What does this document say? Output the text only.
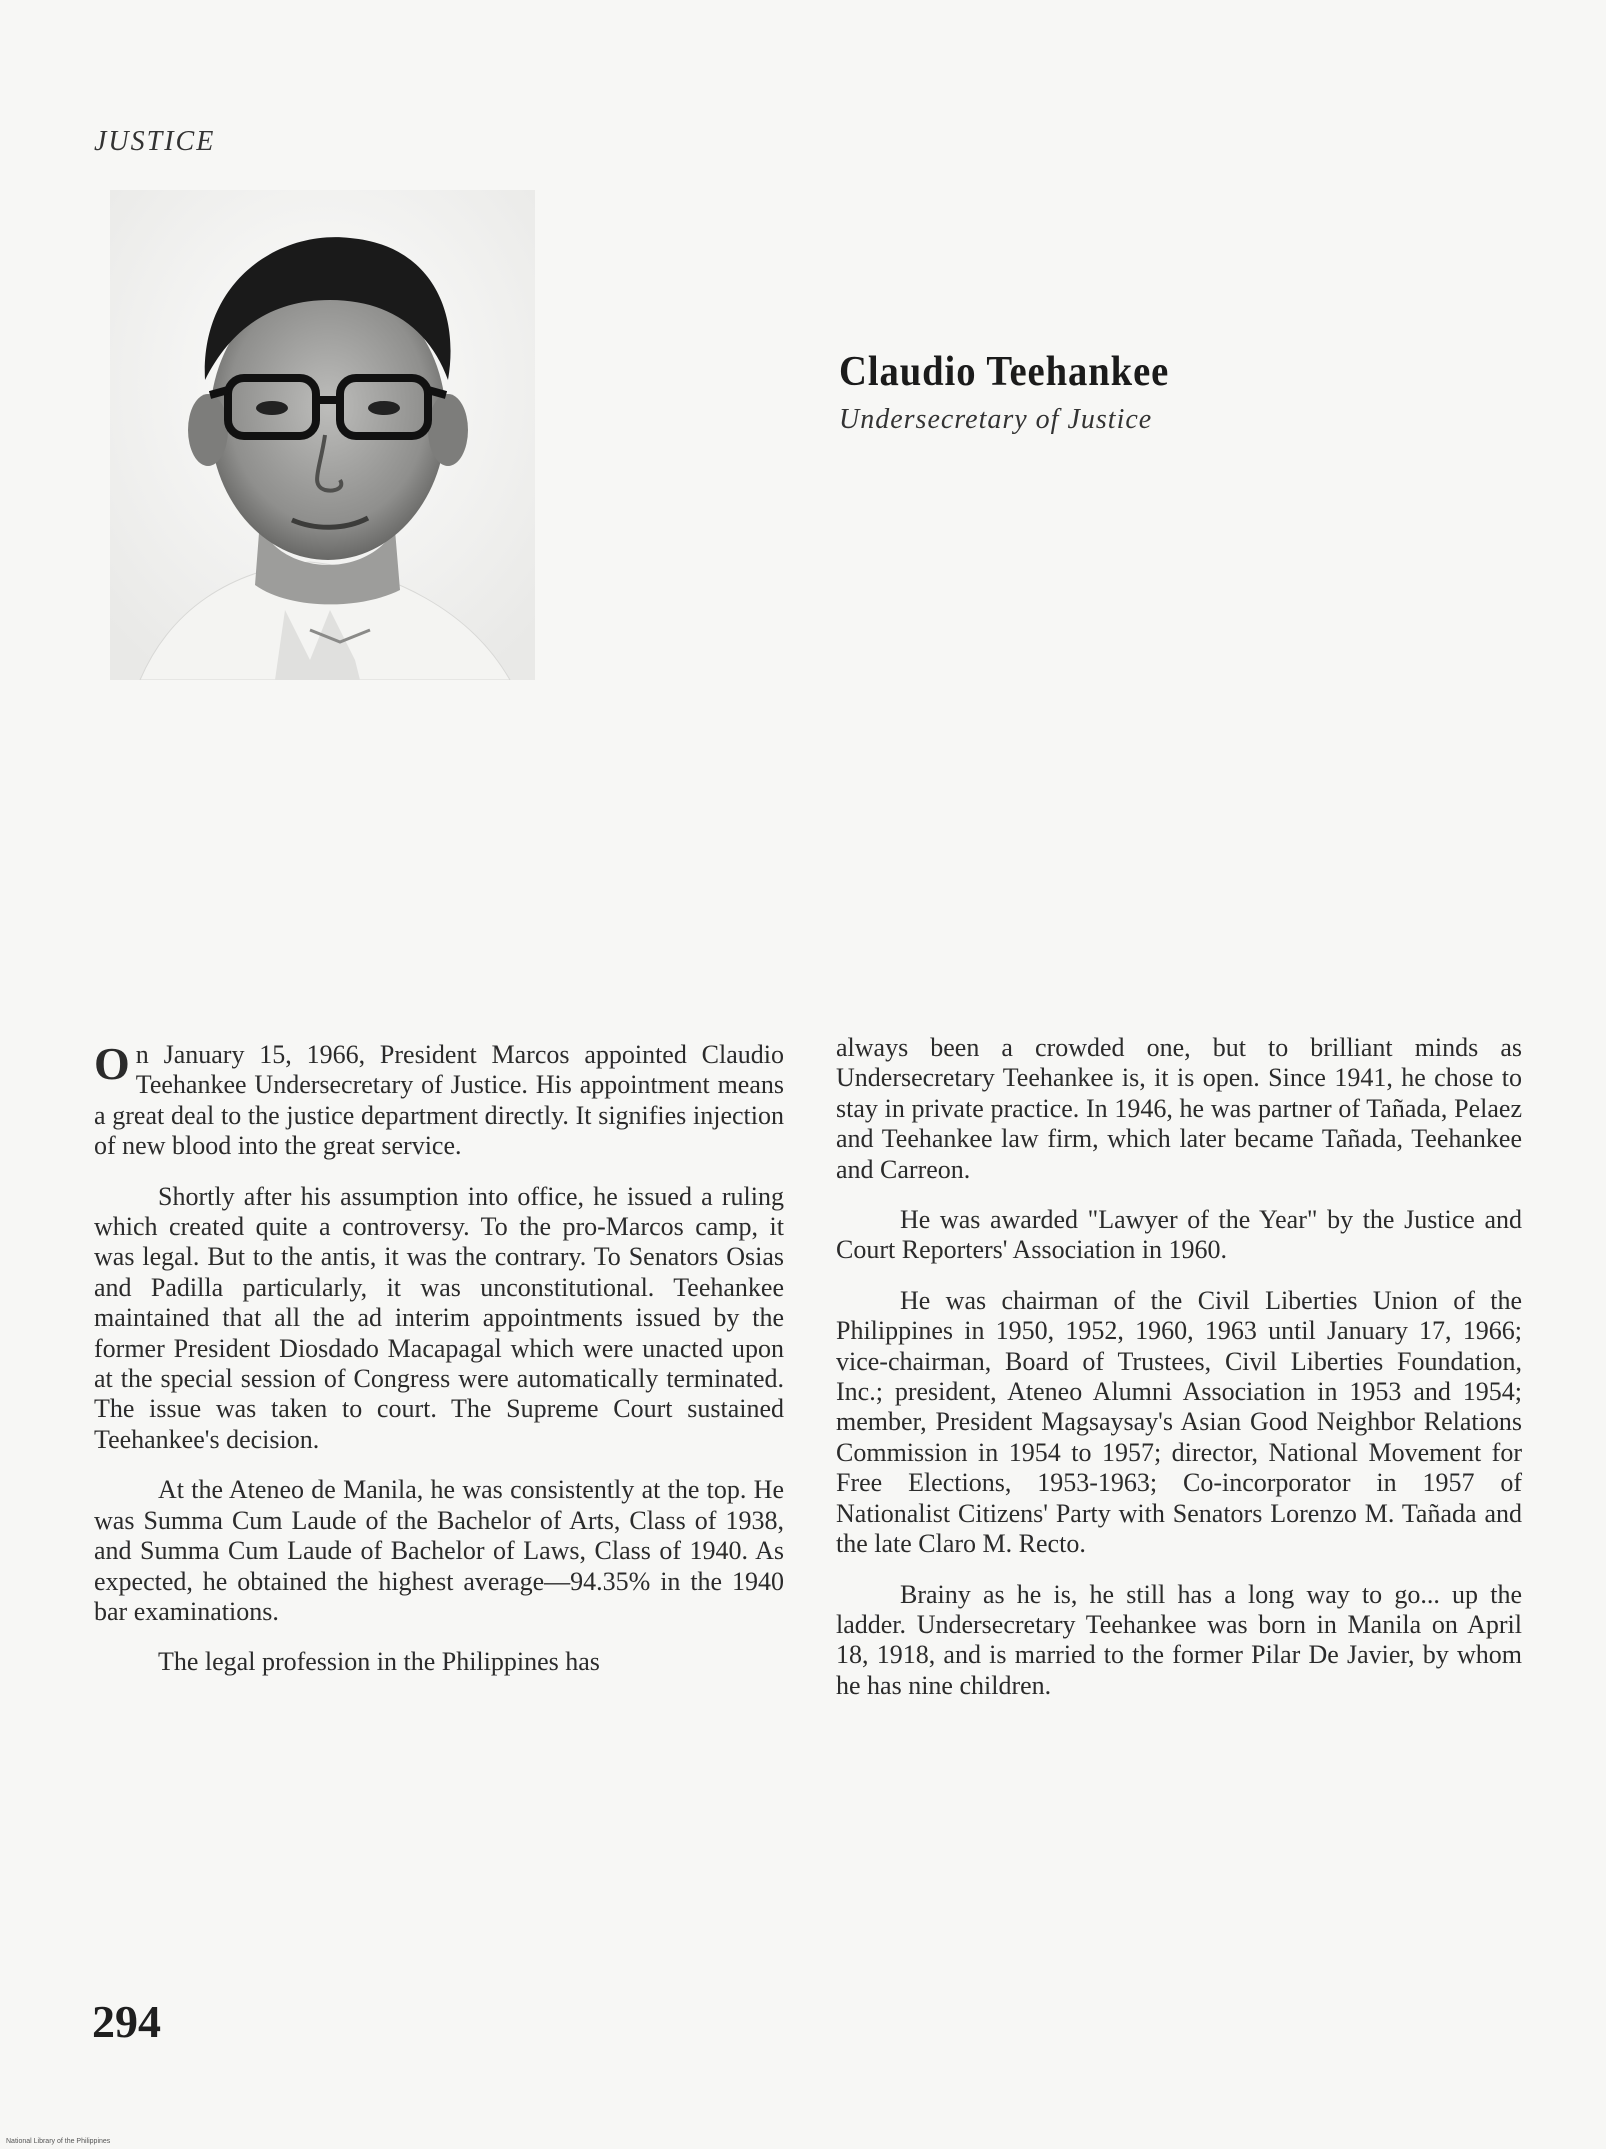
JUSTICE
Claudio Teehankee
Undersecretary of Justice

O n January 15, 1966, President Marcos appointed Claudio Teehankee Undersecretary of Justice. His appointment means a great deal to the justice department directly. It signifies injection of new blood into the great service.

Shortly after his assumption into office, he issued a ruling which created quite a controversy. To the pro-Marcos camp, it was legal. But to the antis, it was the contrary. To Senators Osias and Padilla particularly, it was unconstitutional. Teehankee maintained that all the ad interim appointments issued by the former President Diosdado Macapagal which were unacted upon at the special session of Congress were automatically terminated. The issue was taken to court. The Supreme Court sustained Teehankee's decision.

At the Ateneo de Manila, he was consistently at the top. He was Summa Cum Laude of the Bachelor of Arts, Class of 1938, and Summa Cum Laude of Bachelor of Laws, Class of 1940. As expected, he obtained the highest average—94.35% in the 1940 bar examinations.

The legal profession in the Philippines has

always been a crowded one, but to brilliant minds as Undersecretary Teehankee is, it is open. Since 1941, he chose to stay in private practice. In 1946, he was partner of Tañada, Pelaez and Teehankee law firm, which later became Tañada, Teehankee and Carreon.

He was awarded "Lawyer of the Year" by the Justice and Court Reporters' Association in 1960.

He was chairman of the Civil Liberties Union of the Philippines in 1950, 1952, 1960, 1963 until January 17, 1966; vice-chairman, Board of Trustees, Civil Liberties Foundation, Inc.; president, Ateneo Alumni Association in 1953 and 1954; member, President Magsaysay's Asian Good Neighbor Relations Commission in 1954 to 1957; director, National Movement for Free Elections, 1953-1963; Co-incorporator in 1957 of Nationalist Citizens' Party with Senators Lorenzo M. Tañada and the late Claro M. Recto.

Brainy as he is, he still has a long way to go... up the ladder. Undersecretary Teehankee was born in Manila on April 18, 1918, and is married to the former Pilar De Javier, by whom he has nine children.

294
National Library of the Philippines
